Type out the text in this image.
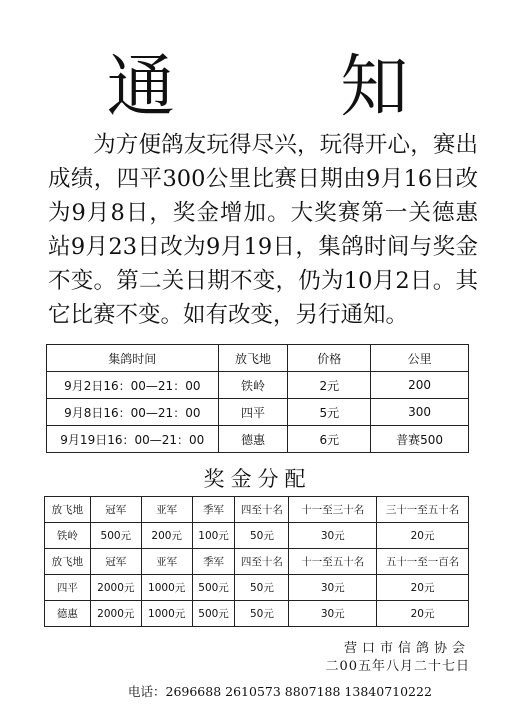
通 知
为方便鸽友玩得尽兴，玩得开心，赛出成绩，四平300公里比赛日期由9月16日改为9月8日，奖金增加。大奖赛第一关德惠站9月23日改为9月19日，集鸽时间与奖金不变。第二关日期不变，仍为10月2日。其它比赛不变。如有改变，另行通知。
集鸽时间	放飞地	价格	公里
9月2日16：00—21：00	铁岭	2元	200
9月8日16：00—21：00	四平	5元	300
9月19日16：00—21：00	德惠	6元	普赛500
奖金分配
放飞地	冠军	亚军	季军	四至十名	十一至三十名	三十一至五十名
铁岭	500元	200元	100元	50元	30元	20元
放飞地	冠军	亚军	季军	四至十名	十一至五十名	五十一至一百名
四平	2000元	1000元	500元	50元	30元	20元
德惠	2000元	1000元	500元	50元	30元	20元
营口市信鸽协会
二00五年八月二十七日
电话：2696688 2610573 8807188 13840710222
